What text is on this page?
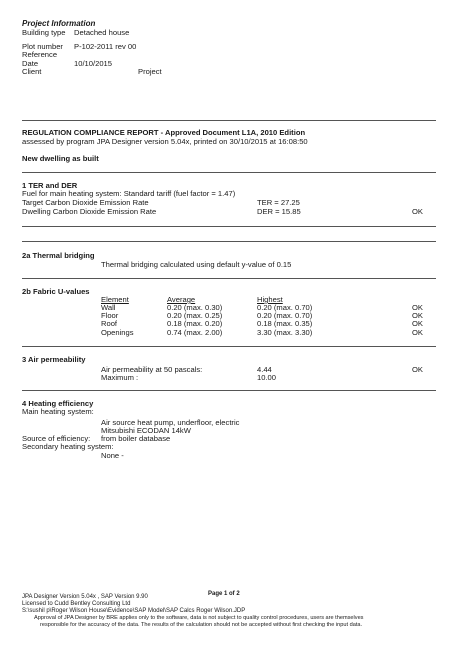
Project Information
Building type Detached house
Plot number P-102-2011 rev 00
Reference
Date	10/10/2015
Client	Project
REGULATION COMPLIANCE REPORT - Approved Document L1A, 2010 Edition
assessed by program JPA Designer version 5.04x, printed on 30/10/2015 at 16:08:50
New dwelling as built
1 TER and DER
Fuel for main heating system: Standard tariff (fuel factor = 1.47)
Target Carbon Dioxide Emission Rate	TER = 27.25
Dwelling Carbon Dioxide Emission Rate	DER = 15.85	OK
2a Thermal bridging
Thermal bridging calculated using default y-value of 0.15
2b Fabric U-values
Element	Average	Highest
Wall	0.20 (max. 0.30)	0.20 (max. 0.70)	OK
Floor	0.20 (max. 0.25)	0.20 (max. 0.70)	OK
Roof	0.18 (max. 0.20)	0.18 (max. 0.35)	OK
Openings	0.74 (max. 2.00)	3.30 (max. 3.30)	OK
3 Air permeability
Air permeability at 50 pascals:	4.44	OK
Maximum :	10.00
4 Heating efficiency
Main heating system:
Air source heat pump, underfloor, electric
Mitsubishi ECODAN 14kW
Source of efficiency: from boiler database
Secondary heating system:
None -
JPA Designer Version 5.04x , SAP Version 9.90	Page 1 of 2
Licensed to Cudd Bentley Consulting Ltd
S:\sushil p\Roger Wilson House\Evidence\SAP Model\SAP Calcs Roger Wilson.JDP
Approval of JPA Designer by BRE applies only to the software, data is not subject to quality control procedures, users are themselves
responsible for the accuracy of the data. The results of the calculation should not be accepted without first checking the input data.
